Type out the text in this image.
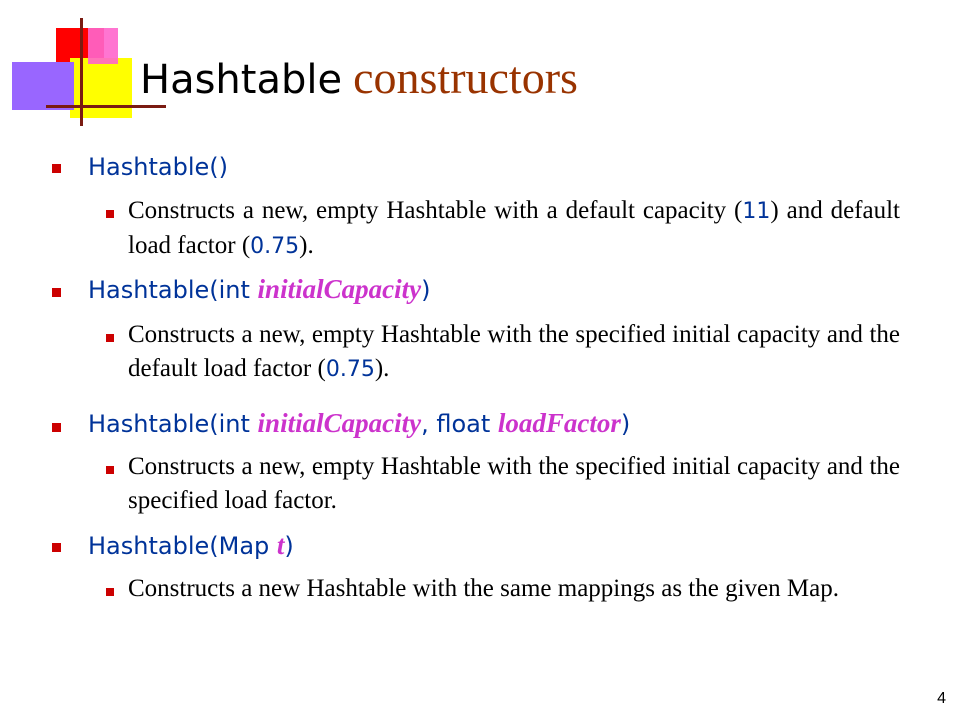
Hashtable constructors
Hashtable()
Constructs a new, empty Hashtable with a default capacity (11) and default load factor (0.75).
Hashtable(int initialCapacity)
Constructs a new, empty Hashtable with the specified initial capacity and the default load factor (0.75).
Hashtable(int initialCapacity, float loadFactor)
Constructs a new, empty Hashtable with the specified initial capacity and the specified load factor.
Hashtable(Map t)
Constructs a new Hashtable with the same mappings as the given Map.
4
